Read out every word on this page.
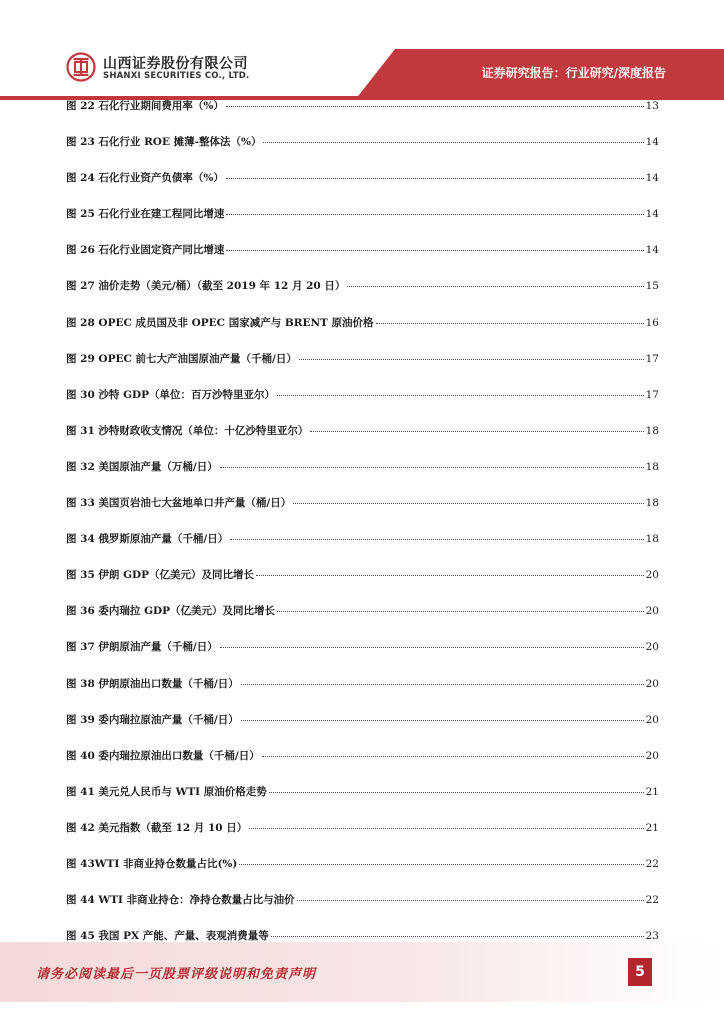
山西证券股份有限公司
SHANXI SECURITIES CO., LTD.	证券研究报告：行业研究/深度报告
图 22 石化行业期间费用率（%）	13
图 23 石化行业 ROE 摊薄-整体法（%）	14
图 24 石化行业资产负债率（%）	14
图 25 石化行业在建工程同比增速	14
图 26 石化行业固定资产同比增速	14
图 27 油价走势（美元/桶）（截至 2019 年 12 月 20 日）	15
图 28 OPEC 成员国及非 OPEC 国家减产与 BRENT 原油价格	16
图 29 OPEC 前七大产油国原油产量（千桶/日）	17
图 30 沙特 GDP（单位：百万沙特里亚尔）	17
图 31 沙特财政收支情况（单位：十亿沙特里亚尔）	18
图 32 美国原油产量（万桶/日）	18
图 33 美国页岩油七大盆地单口井产量（桶/日）	18
图 34 俄罗斯原油产量（千桶/日）	18
图 35 伊朗 GDP（亿美元）及同比增长	20
图 36 委内瑞拉 GDP（亿美元）及同比增长	20
图 37 伊朗原油产量（千桶/日）	20
图 38 伊朗原油出口数量（千桶/日）	20
图 39 委内瑞拉原油产量（千桶/日）	20
图 40 委内瑞拉原油出口数量（千桶/日）	20
图 41 美元兑人民币与 WTI 原油价格走势	21
图 42 美元指数（截至 12 月 10 日）	21
图 43WTI 非商业持仓数量占比(%)	22
图 44 WTI 非商业持仓：净持仓数量占比与油价	22
图 45 我国 PX 产能、产量、表观消费量等	23
请务必阅读最后一页股票评级说明和免责声明	5
